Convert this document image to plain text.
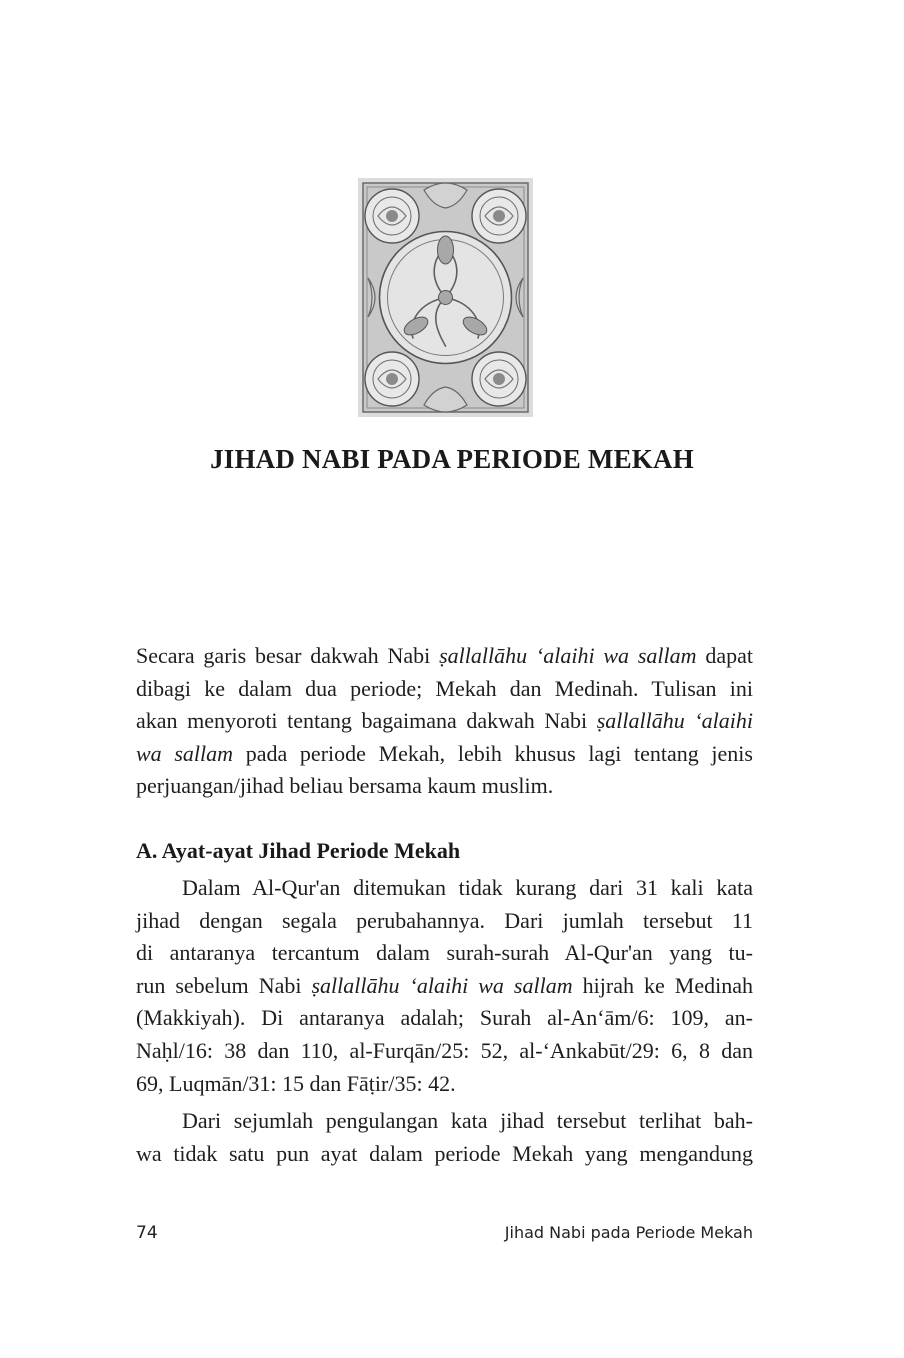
JIHAD NABI PADA PERIODE MEKAH
Secara garis besar dakwah Nabi ṣallallāhu ‘alaihi wa sallam dapat
dibagi ke dalam dua periode; Mekah dan Medinah. Tulisan ini
akan menyoroti tentang bagaimana dakwah Nabi ṣallallāhu ‘alaihi
wa sallam pada periode Mekah, lebih khusus lagi tentang jenis
perjuangan/jihad beliau bersama kaum muslim.
A. Ayat-ayat Jihad Periode Mekah
Dalam Al-Qur'an ditemukan tidak kurang dari 31 kali kata
jihad dengan segala perubahannya. Dari jumlah tersebut 11
di antaranya tercantum dalam surah-surah Al-Qur'an yang tu-
run sebelum Nabi ṣallallāhu ‘alaihi wa sallam hijrah ke Medinah
(Makkiyah). Di antaranya adalah; Surah al-An‘ām/6: 109, an-
Naḥl/16: 38 dan 110, al-Furqān/25: 52, al-‘Ankabūt/29: 6, 8 dan
69, Luqmān/31: 15 dan Fāṭir/35: 42.
Dari sejumlah pengulangan kata jihad tersebut terlihat bah-
wa tidak satu pun ayat dalam periode Mekah yang mengandung

74	Jihad Nabi pada Periode Mekah
